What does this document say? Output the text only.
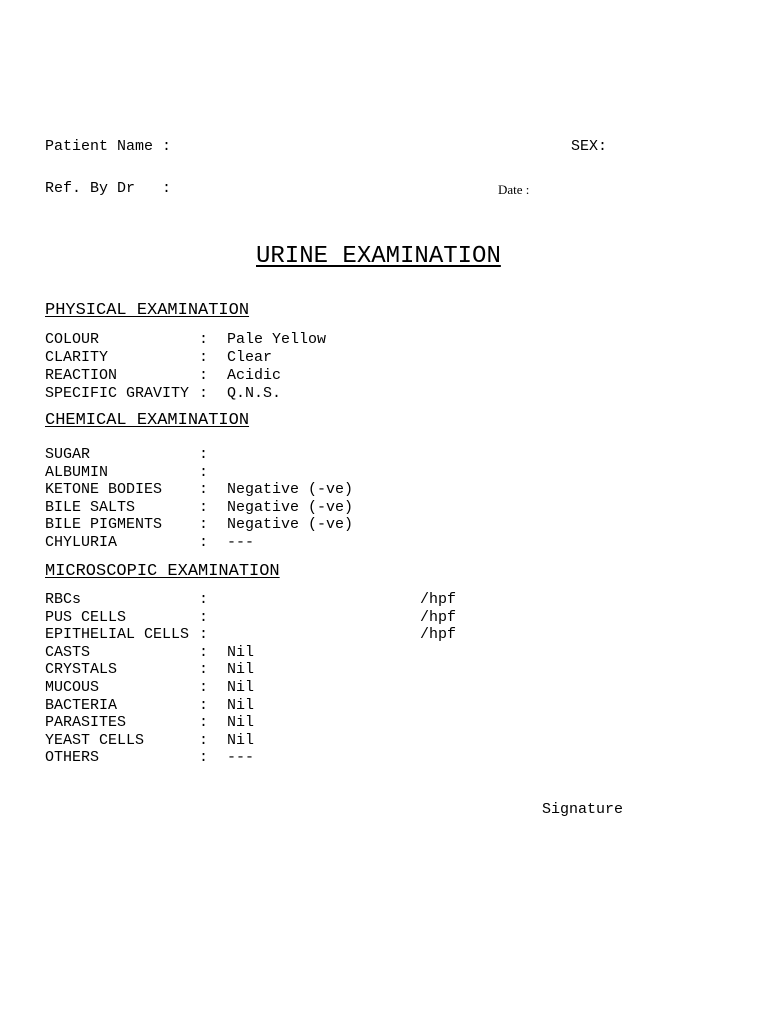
Patient Name :	SEX:
Ref. By Dr   :	Date :
URINE EXAMINATION
PHYSICAL EXAMINATION
COLOUR	: Pale Yellow
CLARITY	: Clear
REACTION	: Acidic
SPECIFIC GRAVITY : Q.N.S.
CHEMICAL EXAMINATION
SUGAR	:
ALBUMIN	:
KETONE BODIES : Negative (-ve)
BILE SALTS	: Negative (-ve)
BILE PIGMENTS : Negative (-ve)
CHYLURIA	: ---
MICROSCOPIC EXAMINATION
RBCs	:	/hpf
PUS CELLS	:	/hpf
EPITHELIAL CELLS :	/hpf
CASTS	: Nil
CRYSTALS	: Nil
MUCOUS	: Nil
BACTERIA	: Nil
PARASITES	: Nil
YEAST CELLS	: Nil
OTHERS	: ---
Signature
